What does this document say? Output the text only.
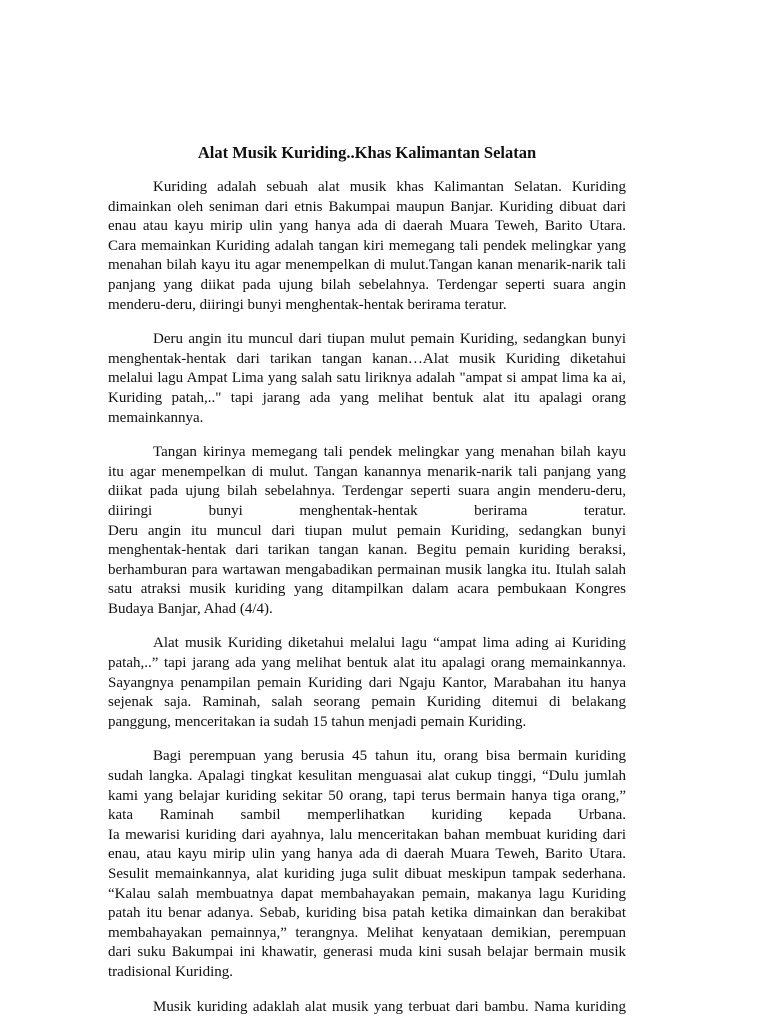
Alat Musik Kuriding..Khas Kalimantan Selatan

Kuriding adalah sebuah alat musik khas Kalimantan Selatan. Kuriding
dimainkan oleh seniman dari etnis Bakumpai maupun Banjar. Kuriding dibuat dari
enau atau kayu mirip ulin yang hanya ada di daerah Muara Teweh, Barito Utara.
Cara memainkan Kuriding adalah tangan kiri memegang tali pendek melingkar yang
menahan bilah kayu itu agar menempelkan di mulut.Tangan kanan menarik-narik tali
panjang yang diikat pada ujung bilah sebelahnya. Terdengar seperti suara angin
menderu-deru, diiringi bunyi menghentak-hentak berirama teratur.

Deru angin itu muncul dari tiupan mulut pemain Kuriding, sedangkan bunyi
menghentak-hentak dari tarikan tangan kanan…Alat musik Kuriding diketahui
melalui lagu Ampat Lima yang salah satu liriknya adalah "ampat si ampat lima ka ai,
Kuriding patah,.." tapi jarang ada yang melihat bentuk alat itu apalagi orang
memainkannya.

Tangan kirinya memegang tali pendek melingkar yang menahan bilah kayu
itu agar menempelkan di mulut. Tangan kanannya menarik-narik tali panjang yang
diikat pada ujung bilah sebelahnya. Terdengar seperti suara angin menderu-deru,
diiringi bunyi menghentak-hentak berirama teratur.
Deru angin itu muncul dari tiupan mulut pemain Kuriding, sedangkan bunyi
menghentak-hentak dari tarikan tangan kanan. Begitu pemain kuriding beraksi,
berhamburan para wartawan mengabadikan permainan musik langka itu. Itulah salah
satu atraksi musik kuriding yang ditampilkan dalam acara pembukaan Kongres
Budaya Banjar, Ahad (4/4).

Alat musik Kuriding diketahui melalui lagu “ampat lima ading ai Kuriding
patah,..” tapi jarang ada yang melihat bentuk alat itu apalagi orang memainkannya.
Sayangnya penampilan pemain Kuriding dari Ngaju Kantor, Marabahan itu hanya
sejenak saja. Raminah, salah seorang pemain Kuriding ditemui di belakang
panggung, menceritakan ia sudah 15 tahun menjadi pemain Kuriding.

Bagi perempuan yang berusia 45 tahun itu, orang bisa bermain kuriding
sudah langka. Apalagi tingkat kesulitan menguasai alat cukup tinggi, “Dulu jumlah
kami yang belajar kuriding sekitar 50 orang, tapi terus bermain hanya tiga orang,”
kata Raminah sambil memperlihatkan kuriding kepada Urbana.
Ia mewarisi kuriding dari ayahnya, lalu menceritakan bahan membuat kuriding dari
enau, atau kayu mirip ulin yang hanya ada di daerah Muara Teweh, Barito Utara.
Sesulit memainkannya, alat kuriding juga sulit dibuat meskipun tampak sederhana.
“Kalau salah membuatnya dapat membahayakan pemain, makanya lagu Kuriding
patah itu benar adanya. Sebab, kuriding bisa patah ketika dimainkan dan berakibat
membahayakan pemainnya,” terangnya. Melihat kenyataan demikian, perempuan
dari suku Bakumpai ini khawatir, generasi muda kini susah belajar bermain musik
tradisional Kuriding.

Musik kuriding adaklah alat musik yang terbuat dari bambu. Nama kuriding
